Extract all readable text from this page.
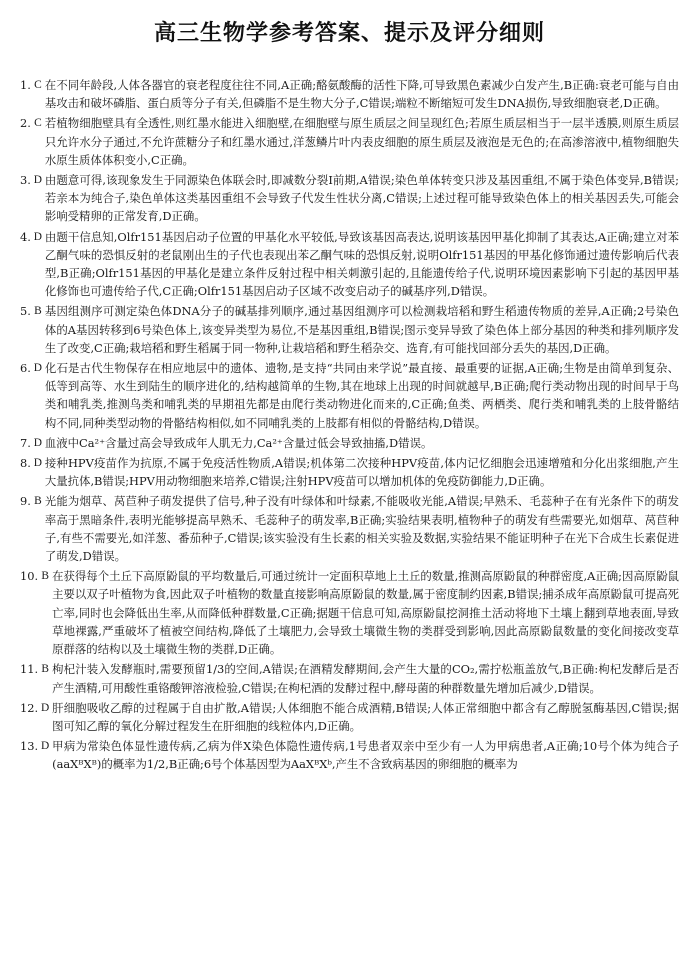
高三生物学参考答案、提示及评分细则
1. C 在不同年龄段,人体各器官的衰老程度往往不同,A正确;酪氨酸酶的活性下降,可导致黑色素减少白发产生,B正确:衰老可能与自由基攻击和破坏磷脂、蛋白质等分子有关,但磷脂不是生物大分子,C错误;端粒不断缩短可发生DNA损伤,导致细胞衰老,D正确。
2. C 若植物细胞壁具有全透性,则红墨水能进入细胞壁,在细胞壁与原生质层之间呈现红色;若原生质层相当于一层半透膜,则原生质层只允许水分子通过,不允许蔗糖分子和红墨水通过,洋葱鳞片叶内表皮细胞的原生质层及液泡是无色的;在高渗溶液中,植物细胞失水原生质体体积变小,C正确。
3. D 由题意可得,该现象发生于同源染色体联会时,即减数分裂Ⅰ前期,A错误;染色单体转变只涉及基因重组,不属于染色体变异,B错误;若亲本为纯合子,染色单体这类基因重组不会导致子代发生性状分离,C错误;上述过程可能导致染色体上的相关基因丢失,可能会影响受精卵的正常发育,D正确。
4. D 由题干信息知,Olfr151基因启动子位置的甲基化水平较低,导致该基因高表达,说明该基因甲基化抑制了其表达,A正确;建立对苯乙酮气味的恐惧反射的老鼠刚出生的子代也表现出苯乙酮气味的恐惧反射,说明Olfr151基因的甲基化修饰通过遗传影响后代表型,B正确;Olfr151基因的甲基化是建立条件反射过程中相关刺激引起的,且能遗传给子代,说明环境因素影响下引起的基因甲基化修饰也可遗传给子代,C正确;Olfr151基因启动子区域不改变启动子的碱基序列,D错误。
5. B 基因组测序可测定染色体DNA分子的碱基排列顺序,通过基因组测序可以检测栽培稻和野生稻遗传物质的差异,A正确;2号染色体的A基因转移到6号染色体上,该变异类型为易位,不是基因重组,B错误;图示变异导致了染色体上部分基因的种类和排列顺序发生了改变,C正确;栽培稻和野生稻属于同一物种,让栽培稻和野生稻杂交、选育,有可能找回部分丢失的基因,D正确。
6. D 化石是古代生物保存在相应地层中的遗体、遗物,是支持“共同由来学说”最直接、最重要的证据,A正确;生物是由简单到复杂、低等到高等、水生到陆生的顺序进化的,结构越简单的生物,其在地球上出现的时间就越早,B正确;爬行类动物出现的时间早于鸟类和哺乳类,推测鸟类和哺乳类的早期祖先都是由爬行类动物进化而来的,C正确;鱼类、两栖类、爬行类和哺乳类的上肢骨骼结构不同,同种类型动物的骨骼结构相似,如不同哺乳类的上肢都有相似的骨骼结构,D错误。
7. D 血液中Ca²⁺含量过高会导致成年人肌无力,Ca²⁺含量过低会导致抽搐,D错误。
8. D 接种HPV疫苗作为抗原,不属于免疫活性物质,A错误;机体第二次接种HPV疫苗,体内记忆细胞会迅速增殖和分化出浆细胞,产生大量抗体,B错误;HPV用动物细胞来培养,C错误;注射HPV疫苗可以增加机体的免疫防御能力,D正确。
9. B 光能为烟草、莴苣种子萌发提供了信号,种子没有叶绿体和叶绿素,不能吸收光能,A错误;早熟禾、毛蕊种子在有光条件下的萌发率高于黑暗条件,表明光能够提高早熟禾、毛蕊种子的萌发率,B正确;实验结果表明,植物种子的萌发有些需要光,如烟草、莴苣种子,有些不需要光,如洋葱、番茄种子,C错误;该实验没有生长素的相关实验及数据,实验结果不能证明种子在光下合成生长素促进了萌发,D错误。
10. B 在获得每个土丘下高原鼢鼠的平均数量后,可通过统计一定面积草地上土丘的数量,推测高原鼢鼠的种群密度,A正确;因高原鼢鼠主要以双子叶植物为食,因此双子叶植物的数量直接影响高原鼢鼠的数量,属于密度制约因素,B错误;捕杀成年高原鼢鼠可提高死亡率,同时也会降低出生率,从而降低种群数量,C正确;据题干信息可知,高原鼢鼠挖洞推土活动将地下土壤上翻到草地表面,导致草地裸露,严重破坏了植被空间结构,降低了土壤肥力,会导致土壤微生物的类群受到影响,因此高原鼢鼠数量的变化间接改变草原群落的结构以及土壤微生物的类群,D正确。
11. B 枸杞汁装入发酵瓶时,需要预留1/3的空间,A错误;在酒精发酵期间,会产生大量的CO₂,需拧松瓶盖放气,B正确:枸杞发酵后是否产生酒精,可用酸性重铬酸钾溶液检验,C错误;在枸杞酒的发酵过程中,酵母菌的种群数量先增加后减少,D错误。
12. D 肝细胞吸收乙醇的过程属于自由扩散,A错误;人体细胞不能合成酒精,B错误;人体正常细胞中都含有乙醇脱氢酶基因,C错误;据图可知乙醇的氧化分解过程发生在肝细胞的线粒体内,D正确。
13. D 甲病为常染色体显性遗传病,乙病为伴X染色体隐性遗传病,1号患者双亲中至少有一人为甲病患者,A正确;10号个体为纯合子(aaXᴮXᴮ)的概率为1/2,B正确;6号个体基因型为AaXᴮXᵇ,产生不含致病基因的卵细胞的概率为
